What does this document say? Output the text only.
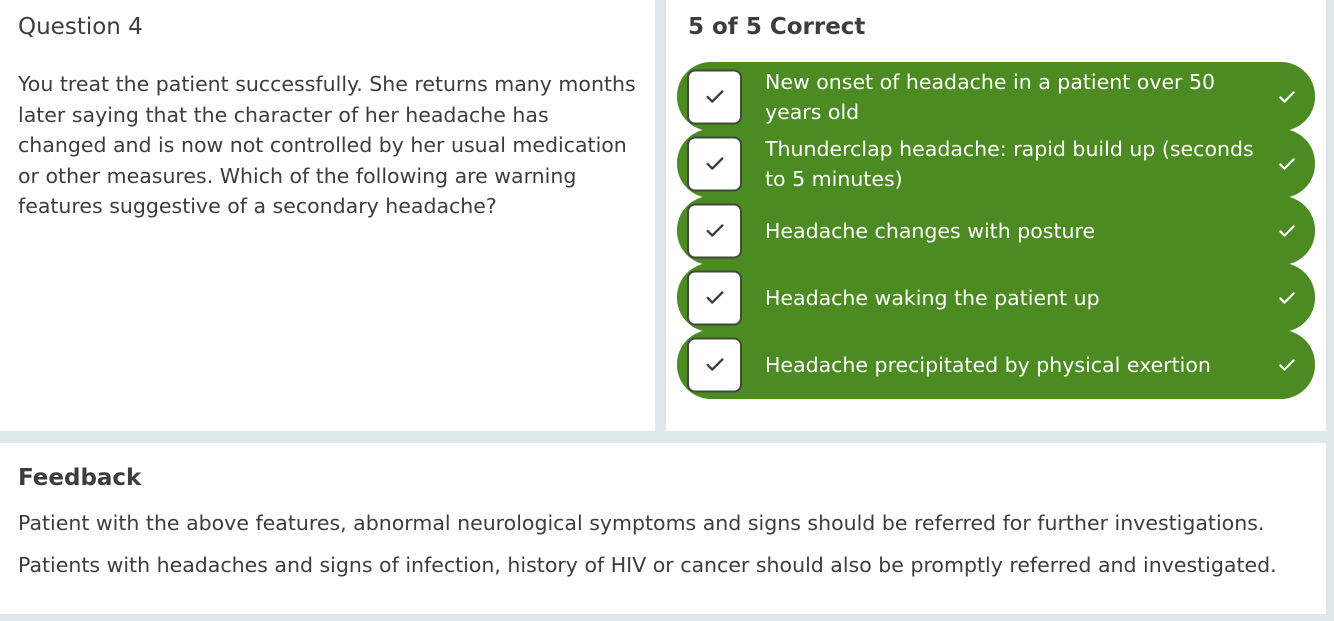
Question 4

You treat the patient successfully. She returns many months later saying that the character of her headache has changed and is now not controlled by her usual medication or other measures. Which of the following are warning features suggestive of a secondary headache?

5 of 5 Correct
New onset of headache in a patient over 50 years old
Thunderclap headache: rapid build up (seconds to 5 minutes)
Headache changes with posture
Headache waking the patient up
Headache precipitated by physical exertion
Feedback

Patient with the above features, abnormal neurological symptoms and signs should be referred for further investigations.

Patients with headaches and signs of infection, history of HIV or cancer should also be promptly referred and investigated.
